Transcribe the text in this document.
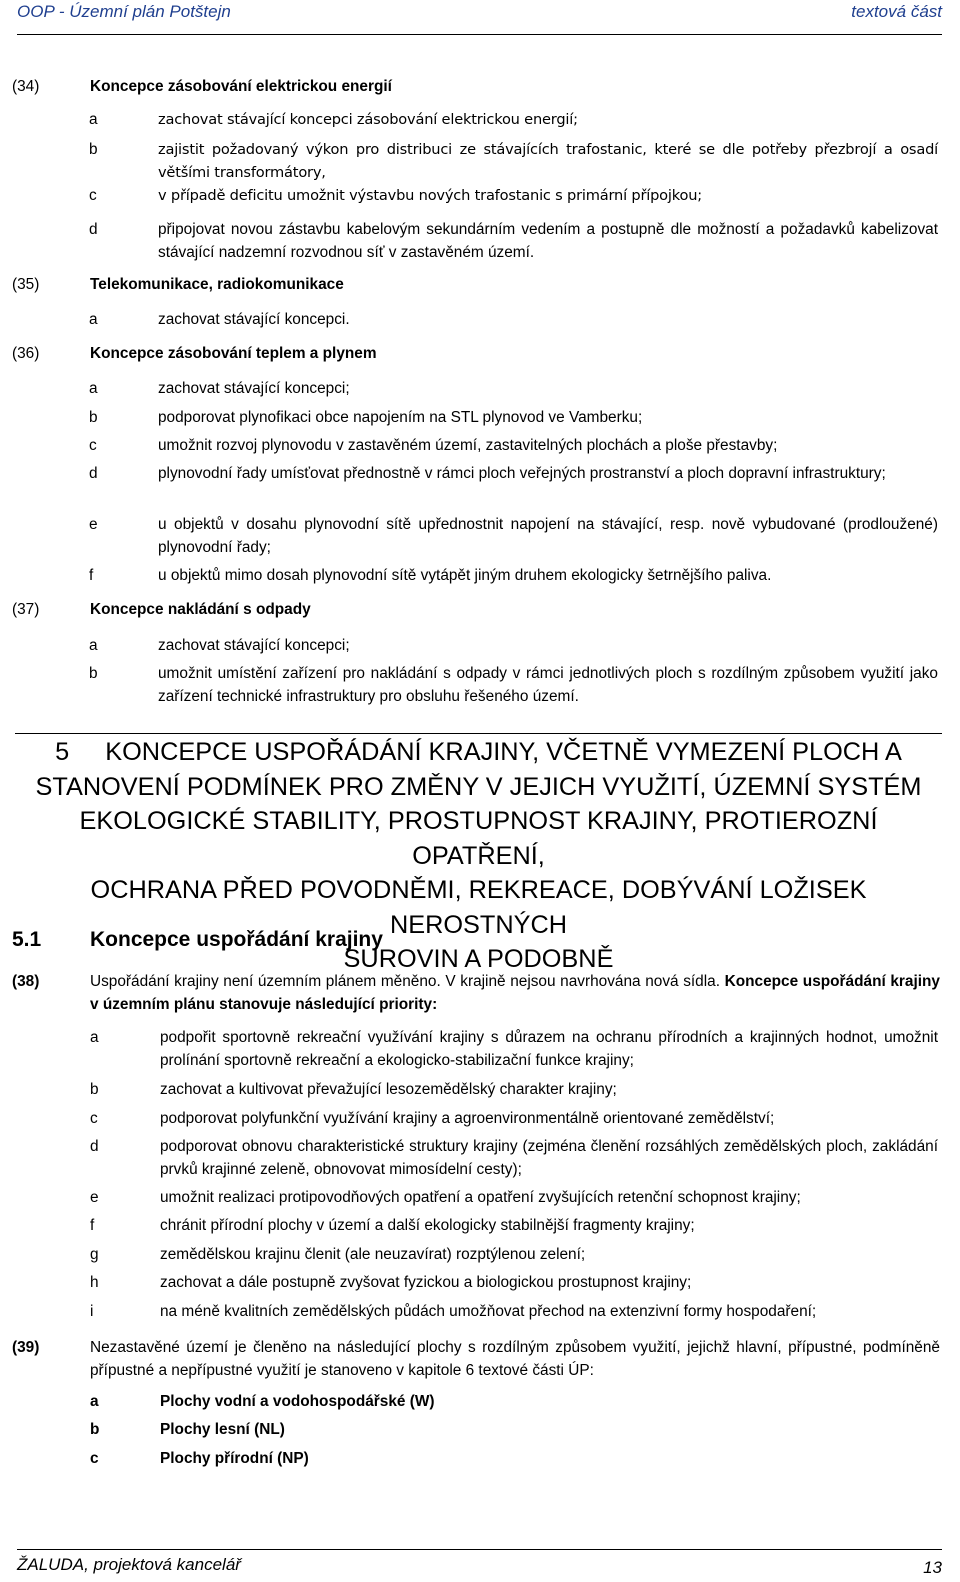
OOP - Územní plán Potštejn	textová část
(34)	Koncepce zásobování elektrickou energií
a	zachovat stávající koncepci zásobování elektrickou energií;
b	zajistit požadovaný výkon pro distribuci ze stávajících trafostanic, které se dle potřeby přezbrojí a osadí většími transformátory,
c	v případě deficitu umožnit výstavbu nových trafostanic s primární přípojkou;
d	připojovat novou zástavbu kabelovým sekundárním vedením a postupně dle možností a požadavků kabelizovat stávající nadzemní rozvodnou síť v zastavěném území.
(35)	Telekomunikace, radiokomunikace
a	zachovat stávající koncepci.
(36)	Koncepce zásobování teplem a plynem
a	zachovat stávající koncepci;
b	podporovat plynofikaci obce napojením na STL plynovod ve Vamberku;
c	umožnit rozvoj plynovodu v zastavěném území, zastavitelných plochách a ploše přestavby;
d	plynovodní řady umísťovat přednostně v rámci ploch veřejných prostranství a ploch dopravní infrastruktury;
e	u objektů v dosahu plynovodní sítě upřednostnit napojení na stávající, resp. nově vybudované (prodloužené) plynovodní řady;
f	u objektů mimo dosah plynovodní sítě vytápět jiným druhem ekologicky šetrnějšího paliva.
(37)	Koncepce nakládání s odpady
a	zachovat stávající koncepci;
b	umožnit umístění zařízení pro nakládání s odpady v rámci jednotlivých ploch s rozdílným způsobem využití jako zařízení technické infrastruktury pro obsluhu řešeného území.
5 KONCEPCE USPOŘÁDÁNÍ KRAJINY, VČETNĚ VYMEZENÍ PLOCH A
STANOVENÍ PODMÍNEK PRO ZMĚNY V JEJICH VYUŽITÍ, ÚZEMNÍ SYSTÉM
EKOLOGICKÉ STABILITY, PROSTUPNOST KRAJINY, PROTIEROZNÍ OPATŘENÍ,
OCHRANA PŘED POVODNĚMI, REKREACE, DOBÝVÁNÍ LOŽISEK NEROSTNÝCH
SUROVIN A PODOBNĚ
5.1 Koncepce uspořádání krajiny
(38)	Uspořádání krajiny není územním plánem měněno. V krajině nejsou navrhována nová sídla. Koncepce uspořádání krajiny v územním plánu stanovuje následující priority:
a	podpořit sportovně rekreační využívání krajiny s důrazem na ochranu přírodních a krajinných hodnot, umožnit prolínání sportovně rekreační a ekologicko-stabilizační funkce krajiny;
b	zachovat a kultivovat převažující lesozemědělský charakter krajiny;
c	podporovat polyfunkční využívání krajiny a agroenvironmentálně orientované zemědělství;
d	podporovat obnovu charakteristické struktury krajiny (zejména členění rozsáhlých zemědělských ploch, zakládání prvků krajinné zeleně, obnovovat mimosídelní cesty);
e	umožnit realizaci protipovodňových opatření a opatření zvyšujících retenční schopnost krajiny;
f	chránit přírodní plochy v území a další ekologicky stabilnější fragmenty krajiny;
g	zemědělskou krajinu členit (ale neuzavírat) rozptýlenou zelení;
h	zachovat a dále postupně zvyšovat fyzickou a biologickou prostupnost krajiny;
i	na méně kvalitních zemědělských půdách umožňovat přechod na extenzivní formy hospodaření;
(39)	Nezastavěné území je členěno na následující plochy s rozdílným způsobem využití, jejichž hlavní, přípustné, podmíněně přípustné a nepřípustné využití je stanoveno v kapitole 6 textové části ÚP:
a	Plochy vodní a vodohospodářské (W)
b	Plochy lesní (NL)
c	Plochy přírodní (NP)
ŽALUDA, projektová kancelář	13
